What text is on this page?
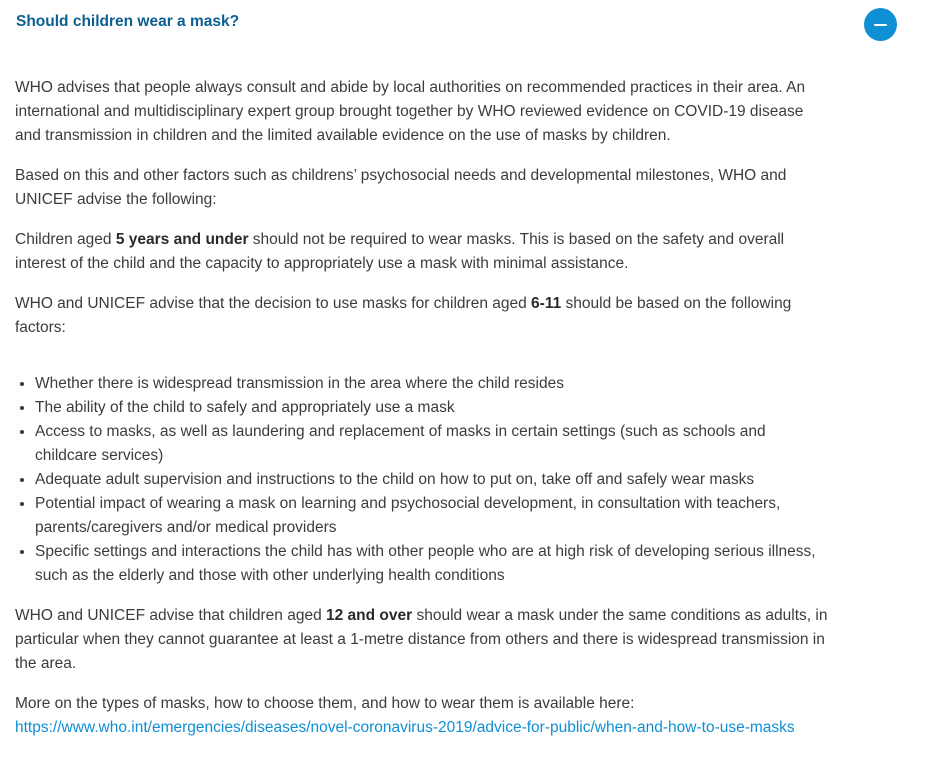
Should children wear a mask?

WHO advises that people always consult and abide by local authorities on recommended practices in their area. An international and multidisciplinary expert group brought together by WHO reviewed evidence on COVID-19 disease and transmission in children and the limited available evidence on the use of masks by children.

Based on this and other factors such as childrens’ psychosocial needs and developmental milestones, WHO and UNICEF advise the following:

Children aged 5 years and under should not be required to wear masks. This is based on the safety and overall interest of the child and the capacity to appropriately use a mask with minimal assistance.

WHO and UNICEF advise that the decision to use masks for children aged 6-11 should be based on the following factors:

• Whether there is widespread transmission in the area where the child resides
• The ability of the child to safely and appropriately use a mask
• Access to masks, as well as laundering and replacement of masks in certain settings (such as schools and childcare services)
• Adequate adult supervision and instructions to the child on how to put on, take off and safely wear masks
• Potential impact of wearing a mask on learning and psychosocial development, in consultation with teachers, parents/caregivers and/or medical providers
• Specific settings and interactions the child has with other people who are at high risk of developing serious illness, such as the elderly and those with other underlying health conditions

WHO and UNICEF advise that children aged 12 and over should wear a mask under the same conditions as adults, in particular when they cannot guarantee at least a 1-metre distance from others and there is widespread transmission in the area.

More on the types of masks, how to choose them, and how to wear them is available here: https://www.who.int/emergencies/diseases/novel-coronavirus-2019/advice-for-public/when-and-how-to-use-masks
